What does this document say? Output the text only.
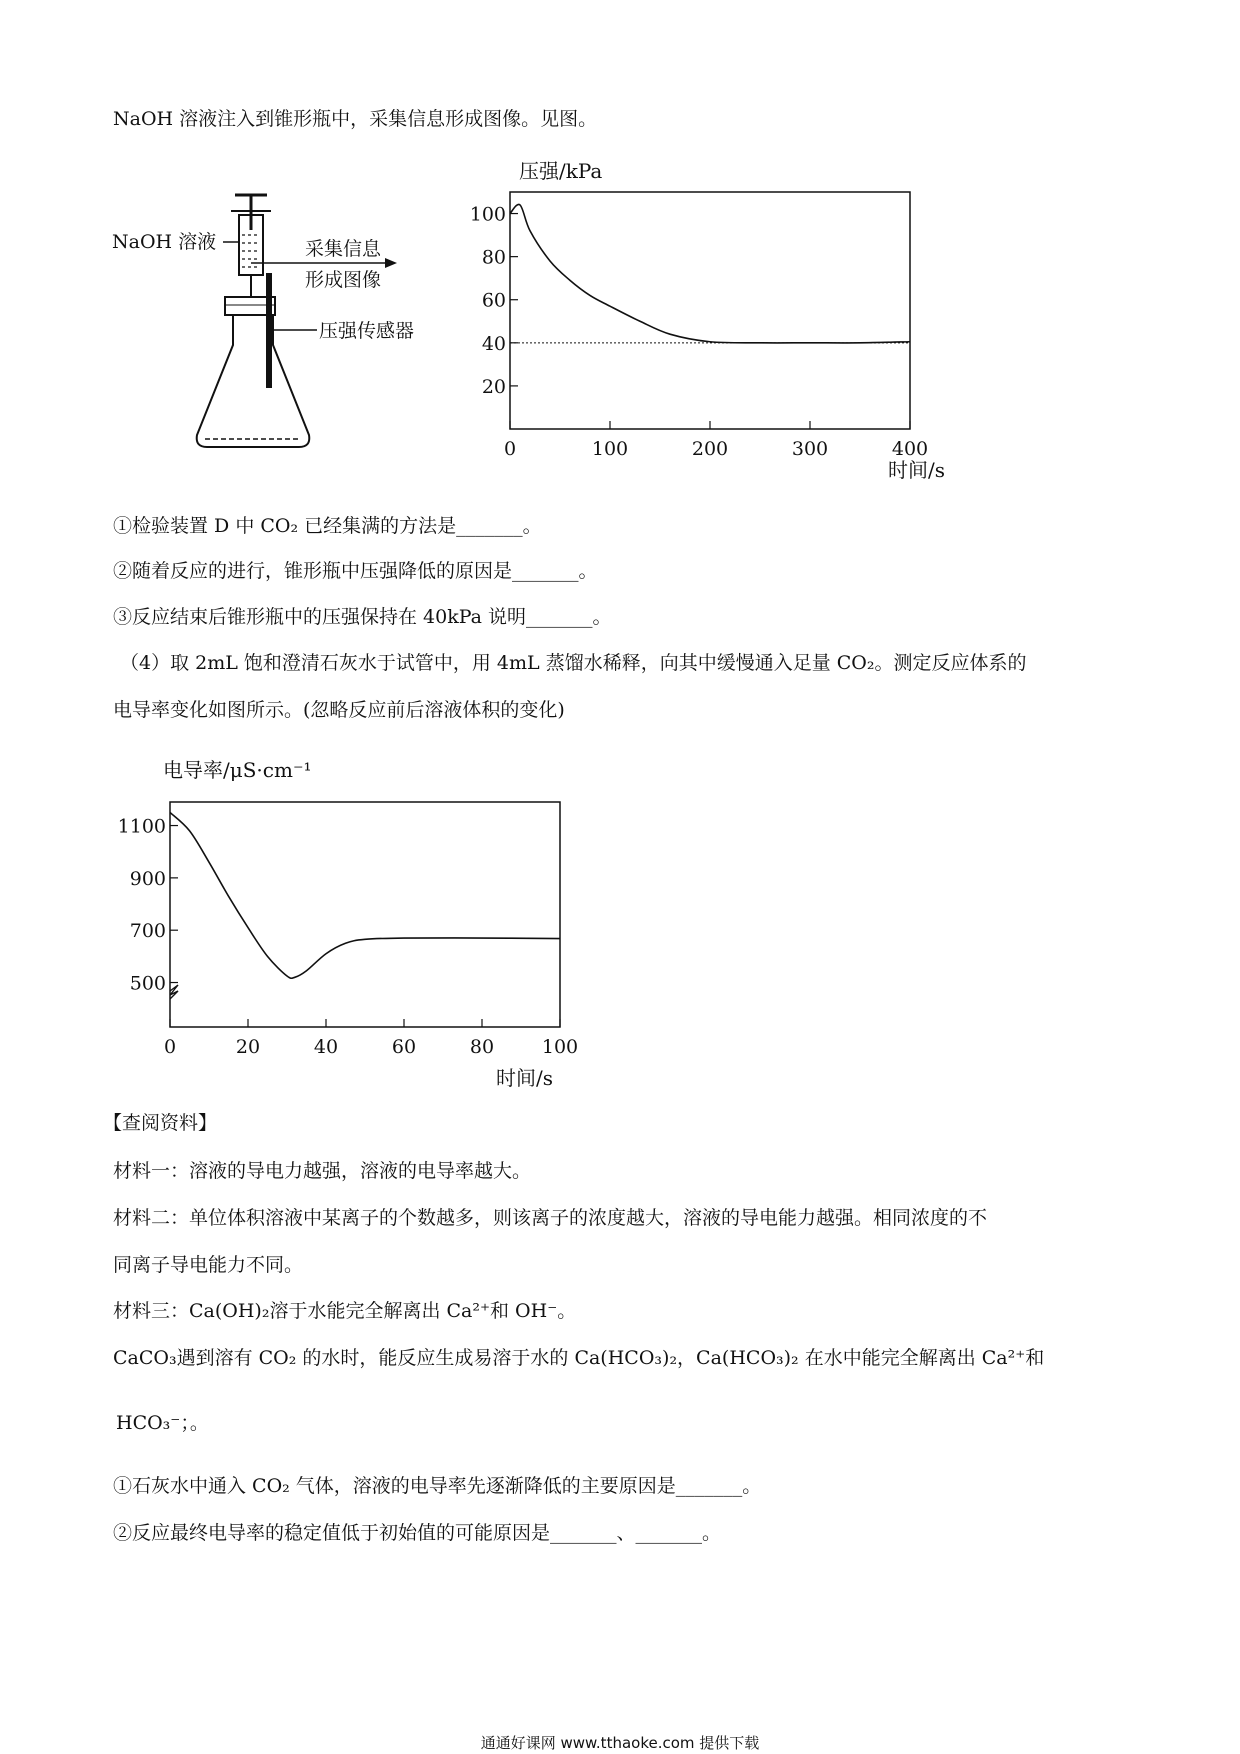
NaOH 溶液注入到锥形瓶中，采集信息形成图像。见图。
NaOH 溶液	采集信息
形成图像
压强传感器
20
40
60
80
100
0	100	200	300	400
压强/kPa
时间/s
①检验装置 D 中 CO₂ 已经集满的方法是_______。
②随着反应的进行，锥形瓶中压强降低的原因是_______。
③反应结束后锥形瓶中的压强保持在 40kPa 说明_______。
（4）取 2mL 饱和澄清石灰水于试管中，用 4mL 蒸馏水稀释，向其中缓慢通入足量 CO₂。测定反应体系的
电导率变化如图所示。(忽略反应前后溶液体积的变化)
500
700
900
1100
0	20	40	60	80	100
电导率/μS·cm⁻¹
时间/s
【查阅资料】
材料一：溶液的导电力越强，溶液的电导率越大。
材料二：单位体积溶液中某离子的个数越多，则该离子的浓度越大，溶液的导电能力越强。相同浓度的不
同离子导电能力不同。
材料三：Ca(OH)₂溶于水能完全解离出 Ca²⁺和 OH⁻。
CaCO₃遇到溶有 CO₂ 的水时，能反应生成易溶于水的 Ca(HCO₃)₂，Ca(HCO₃)₂ 在水中能完全解离出 Ca²⁺和
HCO₃⁻；。
①石灰水中通入 CO₂ 气体，溶液的电导率先逐渐降低的主要原因是_______。
②反应最终电导率的稳定值低于初始值的可能原因是_______、_______。
通通好课网 www.tthaoke.com 提供下载
